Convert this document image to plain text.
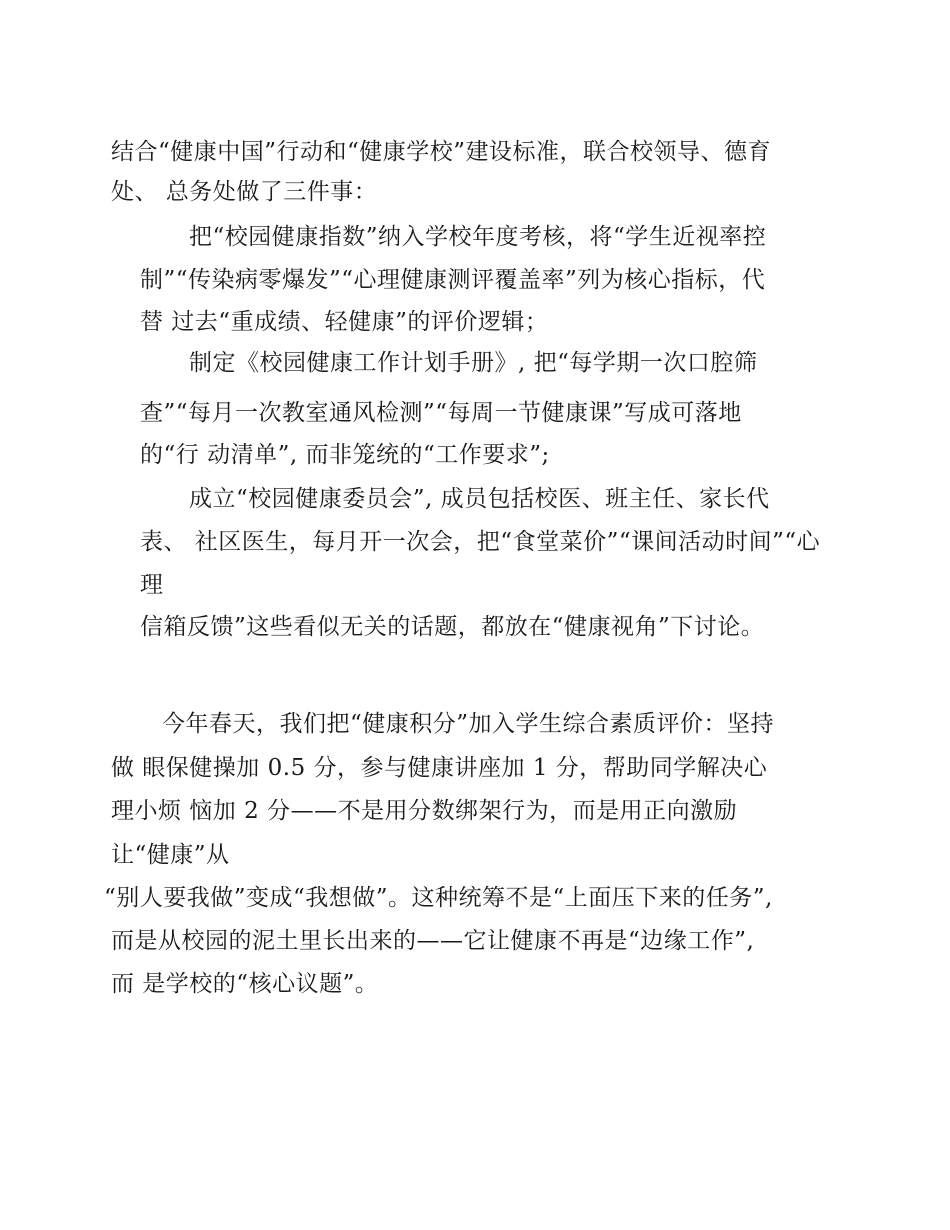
结合“健康中国”行动和“健康学校”建设标准，联合校领导、德育
处、 总务处做了三件事：
把“校园健康指数”纳入学校年度考核，将“学生近视率控
制”“传染病零爆发”“心理健康测评覆盖率”列为核心指标，代
替 过去“重成绩、轻健康”的评价逻辑；
制定《校园健康工作计划手册》, 把“每学期一次口腔筛
查”“每月一次教室通风检测”“每周一节健康课”写成可落地
的“行 动清单”, 而非笼统的“工作要求”;
成立“校园健康委员会”, 成员包括校医、班主任、家长代
表、 社区医生，每月开一次会，把“食堂菜价”“课间活动时间”“心
理
信箱反馈”这些看似无关的话题，都放在“健康视角”下讨论。
今年春天，我们把“健康积分”加入学生综合素质评价：坚持
做 眼保健操加 0.5 分，参与健康讲座加 1 分，帮助同学解决心
理小烦 恼加 2 分——不是用分数绑架行为，而是用正向激励
让“健康”从
“别人要我做”变成“我想做”。这种统筹不是“上面压下来的任务”,
而是从校园的泥土里长出来的——它让健康不再是“边缘工作”,
而 是学校的“核心议题”。
